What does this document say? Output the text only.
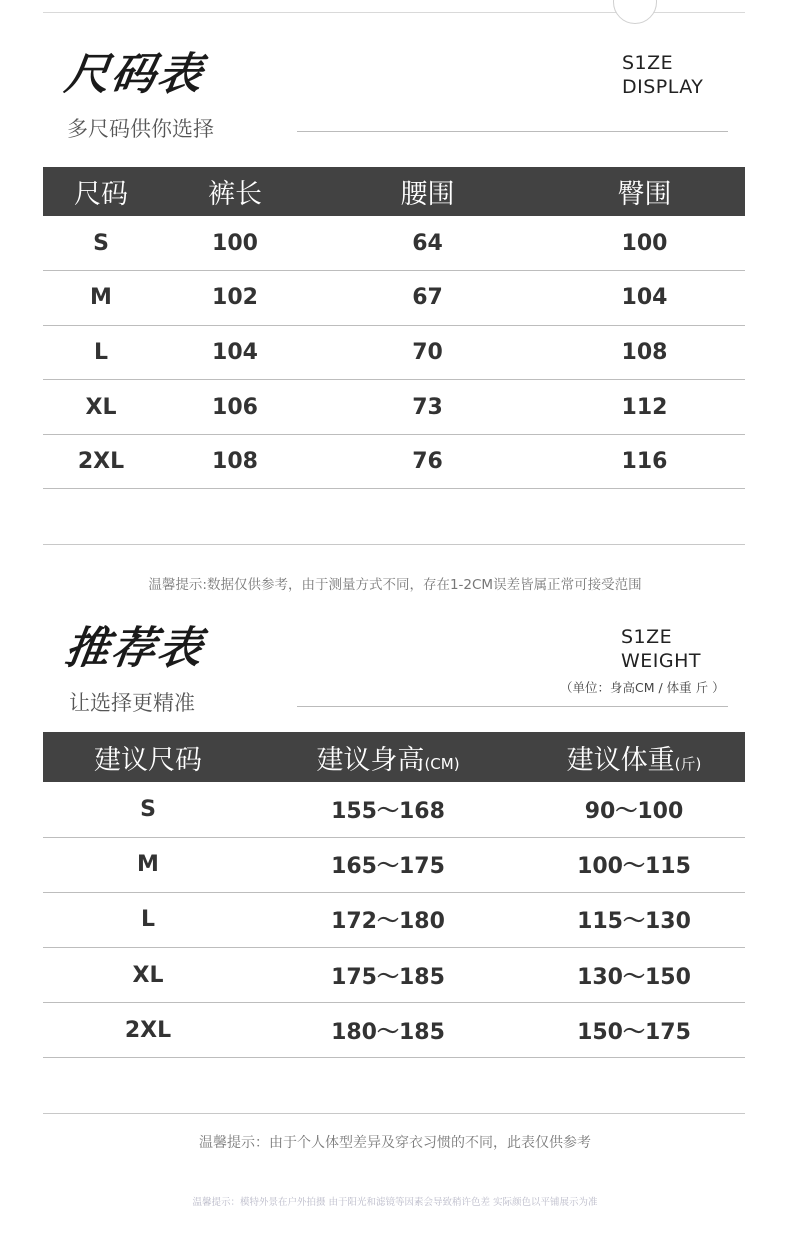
尺码表
多尺码供你选择
S1ZE
DISPLAY
尺码	裤长	腰围	臀围
S	100	64	100
M	102	67	104
L	104	70	108
XL	106	73	112
2XL	108	76	116
温馨提示:数据仅供参考，由于测量方式不同，存在1-2CM误差皆属正常可接受范围
推荐表
让选择更精准
S1ZE
WEIGHT
（单位：身高CM / 体重 斤 ）
建议尺码	建议身高(CM)	建议体重(斤)
S	155～168	90～100
M	165～175	100～115
L	172～180	115～130
XL	175～185	130～150
2XL	180～185	150～175
温馨提示：由于个人体型差异及穿衣习惯的不同，此表仅供参考
温馨提示：模特外景在户外拍摄 由于阳光和滤镜等因素会导致稍许色差 实际颜色以平铺展示为准
